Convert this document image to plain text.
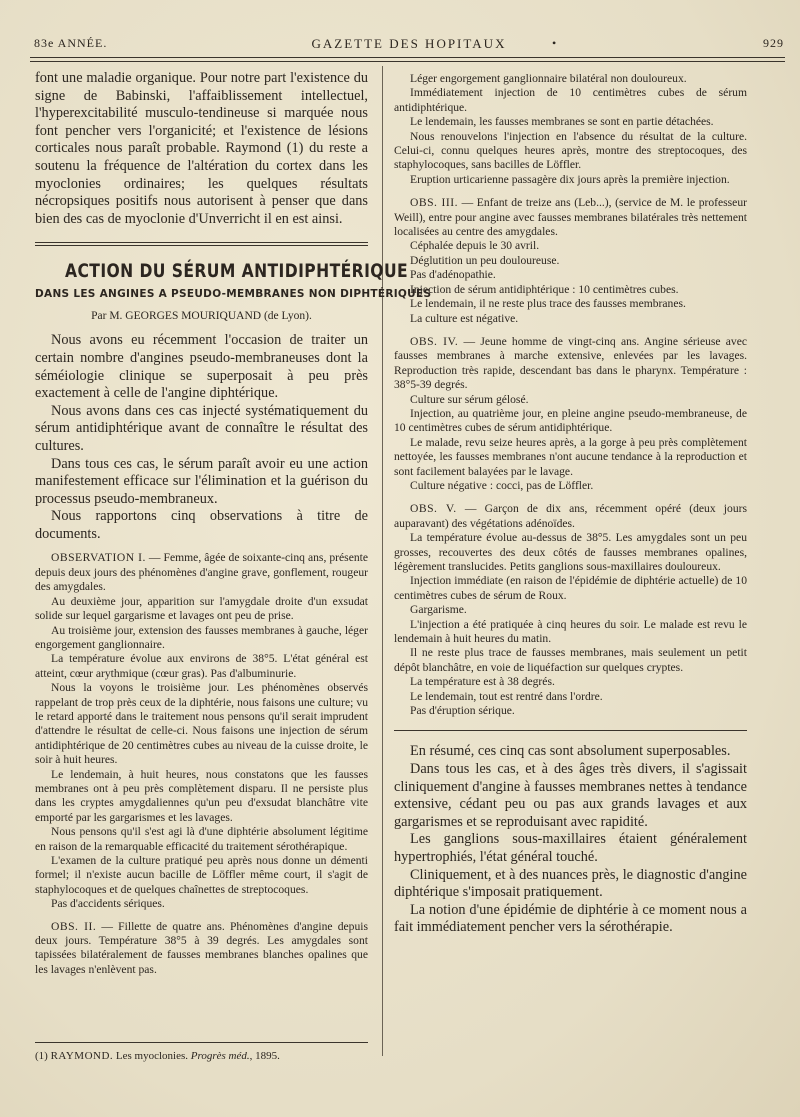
83e ANNÉE.	GAZETTE DES HOPITAUX	•	929

font une maladie organique. Pour notre part l'existence du signe de Babinski, l'affaiblissement intellectuel, l'hyperexcitabilité musculo-tendineuse si marquée nous font pencher vers l'organicité; et l'existence de lésions corticales nous paraît probable. Raymond (1) du reste a soutenu la fréquence de l'altération du cortex dans les myoclonies ordinaires; les quelques résultats nécropsiques positifs nous autorisent à penser que dans bien des cas de myoclonie d'Unverricht il en est ainsi.

ACTION DU SÉRUM ANTIDIPHTÉRIQUE
DANS LES ANGINES A PSEUDO-MEMBRANES NON DIPHTÉRIQUES
Par M. GEORGES MOURIQUAND (de Lyon).

Nous avons eu récemment l'occasion de traiter un certain nombre d'angines pseudo-membraneuses dont la séméiologie clinique se superposait à peu près exactement à celle de l'angine diphtérique.

Nous avons dans ces cas injecté systématiquement du sérum antidiphtérique avant de connaître le résultat des cultures.

Dans tous ces cas, le sérum paraît avoir eu une action manifestement efficace sur l'élimination et la guérison du processus pseudo-membraneux.

Nous rapportons cinq observations à titre de documents.

OBSERVATION I. — Femme, âgée de soixante-cinq ans, présente depuis deux jours des phénomènes d'angine grave, gonflement, rougeur des amygdales.

Au deuxième jour, apparition sur l'amygdale droite d'un exsudat solide sur lequel gargarisme et lavages ont peu de prise.

Au troisième jour, extension des fausses membranes à gauche, léger engorgement ganglionnaire.

La température évolue aux environs de 38°5. L'état général est atteint, cœur arythmique (cœur gras). Pas d'albuminurie.

Nous la voyons le troisième jour. Les phénomènes observés rappelant de trop près ceux de la diphtérie, nous faisons une culture; vu le retard apporté dans le traitement nous pensons qu'il serait imprudent d'attendre le résultat de celle-ci. Nous faisons une injection de sérum antidiphtérique de 20 centimètres cubes au niveau de la cuisse droite, le soir à huit heures.

Le lendemain, à huit heures, nous constatons que les fausses membranes ont à peu près complètement disparu. Il ne persiste plus dans les cryptes amygdaliennes qu'un peu d'exsudat blanchâtre vite emporté par les gargarismes et les lavages.

Nous pensons qu'il s'est agi là d'une diphtérie absolument légitime en raison de la remarquable efficacité du traitement sérothérapique.

L'examen de la culture pratiqué peu après nous donne un démenti formel; il n'existe aucun bacille de Löffler même court, il s'agit de staphylocoques et de quelques chaînettes de streptocoques.

Pas d'accidents sériques.

OBS. II. — Fillette de quatre ans. Phénomènes d'angine depuis deux jours. Température 38°5 à 39 degrés. Les amygdales sont tapissées bilatéralement de fausses membranes blanches opalines que les lavages n'enlèvent pas.

(1) RAYMOND. Les myoclonies. Progrès méd., 1895.

Léger engorgement ganglionnaire bilatéral non douloureux.

Immédiatement injection de 10 centimètres cubes de sérum antidiphtérique.

Le lendemain, les fausses membranes se sont en partie détachées.

Nous renouvelons l'injection en l'absence du résultat de la culture. Celui-ci, connu quelques heures après, montre des streptocoques, des staphylocoques, sans bacilles de Löffler.

Eruption urticarienne passagère dix jours après la première injection.

OBS. III. — Enfant de treize ans (Leb...), (service de M. le professeur Weill), entre pour angine avec fausses membranes bilatérales très nettement localisées au centre des amygdales.

Céphalée depuis le 30 avril.

Déglutition un peu douloureuse.

Pas d'adénopathie.

Injection de sérum antidiphtérique : 10 centimètres cubes.

Le lendemain, il ne reste plus trace des fausses membranes.

La culture est négative.

OBS. IV. — Jeune homme de vingt-cinq ans. Angine sérieuse avec fausses membranes à marche extensive, enlevées par les lavages. Reproduction très rapide, descendant bas dans le pharynx. Température : 38°5-39 degrés.

Culture sur sérum gélosé.

Injection, au quatrième jour, en pleine angine pseudo-membraneuse, de 10 centimètres cubes de sérum antidiphtérique.

Le malade, revu seize heures après, a la gorge à peu près complètement nettoyée, les fausses membranes n'ont aucune tendance à la reproduction et sont facilement balayées par le lavage.

Culture négative : cocci, pas de Löffler.

OBS. V. — Garçon de dix ans, récemment opéré (deux jours auparavant) des végétations adénoïdes.

La température évolue au-dessus de 38°5. Les amygdales sont un peu grosses, recouvertes des deux côtés de fausses membranes opalines, légèrement translucides. Petits ganglions sous-maxillaires douloureux.

Injection immédiate (en raison de l'épidémie de diphtérie actuelle) de 10 centimètres cubes de sérum de Roux.

Gargarisme.

L'injection a été pratiquée à cinq heures du soir. Le malade est revu le lendemain à huit heures du matin.

Il ne reste plus trace de fausses membranes, mais seulement un petit dépôt blanchâtre, en voie de liquéfaction sur quelques cryptes.

La température est à 38 degrés.

Le lendemain, tout est rentré dans l'ordre.

Pas d'éruption sérique.

En résumé, ces cinq cas sont absolument superposables.

Dans tous les cas, et à des âges très divers, il s'agissait cliniquement d'angine à fausses membranes nettes à tendance extensive, cédant peu ou pas aux grands lavages et aux gargarismes et se reproduisant avec rapidité.

Les ganglions sous-maxillaires étaient généralement hypertrophiés, l'état général touché.

Cliniquement, et à des nuances près, le diagnostic d'angine diphtérique s'imposait pratiquement.

La notion d'une épidémie de diphtérie à ce moment nous a fait immédiatement pencher vers la sérothérapie.
